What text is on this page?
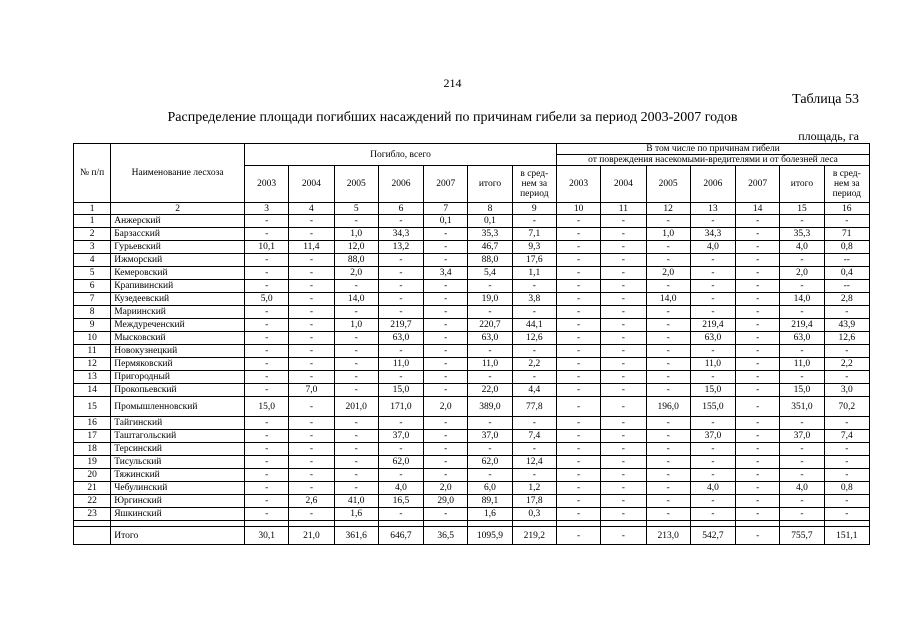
214
Таблица 53
Распределение площади погибших насаждений по причинам гибели за период 2003-2007 годов
площадь, га
№ п/п	Наименование лесхоза	Погибло, всего							В том числе по причинам гибели						
									от повреждения насекомыми-вредителями и от болезней леса						
		2003	2004	2005	2006	2007	итого	в сред-нем за период	2003	2004	2005	2006	2007	итого	в сред-нем за период
1	2	3	4	5	6	7	8	9	10	11	12	13	14	15	16
1	Анжерский	-	-	-	-	0,1	0,1	-	-	-	-	-	-	-	-
2	Барзасский	-	-	1,0	34,3	-	35,3	7,1	-	-	1,0	34,3	-	35,3	71
3	Гурьевский	10,1	11,4	12,0	13,2	-	46,7	9,3	-	-	-	4,0	-	4,0	0,8
4	Ижморский	-	-	88,0	-	-	88,0	17,6	-	-	-	-	-	-	--
5	Кемеровский	-	-	2,0	-	3,4	5,4	1,1	-	-	2,0	-	-	2,0	0,4
6	Крапивинский	-	-	-	-	-	-	-	-	-	-	-	-	-	--
7	Кузедеевский	5,0	-	14,0	-	-	19,0	3,8	-	-	14,0	-	-	14,0	2,8
8	Мариинский	-	-	-	-	-	-	-	-	-	-	-	-	-	-
9	Междуреченский	-	-	1,0	219,7	-	220,7	44,1	-	-	-	219,4	-	219,4	43,9
10	Мысковский	-	-	-	63,0	-	63,0	12,6	-	-	-	63,0	-	63,0	12,6
11	Новокузнецкий	-	-	-	-	-	-	-	-	-	-	-	-	-	-
12	Пермяковский	-	-	-	11,0	-	11,0	2,2	-	-	-	11,0	-	11,0	2,2
13	Пригородный	-	-	-	-	-	-	-	-	-	-	-	-	-	-
14	Прокопьевский	-	7,0	-	15,0	-	22,0	4,4	-	-	-	15,0	-	15,0	3,0
15	Промышленновский	15,0	-	201,0	171,0	2,0	389,0	77,8	-	-	196,0	155,0	-	351,0	70,2
16	Тайгинский	-	-	-	-	-	-	-	-	-	-	-	-	-	-
17	Таштагольский	-	-	-	37,0	-	37,0	7,4	-	-	-	37,0	-	37,0	7,4
18	Терсинский	-	-	-	-	-	-	-	-	-	-	-	-	-	-
19	Тисульский	-	-	-	62,0	-	62,0	12,4	-	-	-	-	-	-	-
20	Тяжинский	-	-	-	-	-	-	-	-	-	-	-	-	-	-
21	Чебулинский	-	-	-	4,0	2,0	6,0	1,2	-	-	-	4,0	-	4,0	0,8
22	Юргинский	-	2,6	41,0	16,5	29,0	89,1	17,8	-	-	-	-	-	-	-
23	Яшкинский	-	-	1,6	-	-	1,6	0,3	-	-	-	-	-	-	-

	Итого	30,1	21,0	361,6	646,7	36,5	1095,9	219,2	-	-	213,0	542,7	-	755,7	151,1
